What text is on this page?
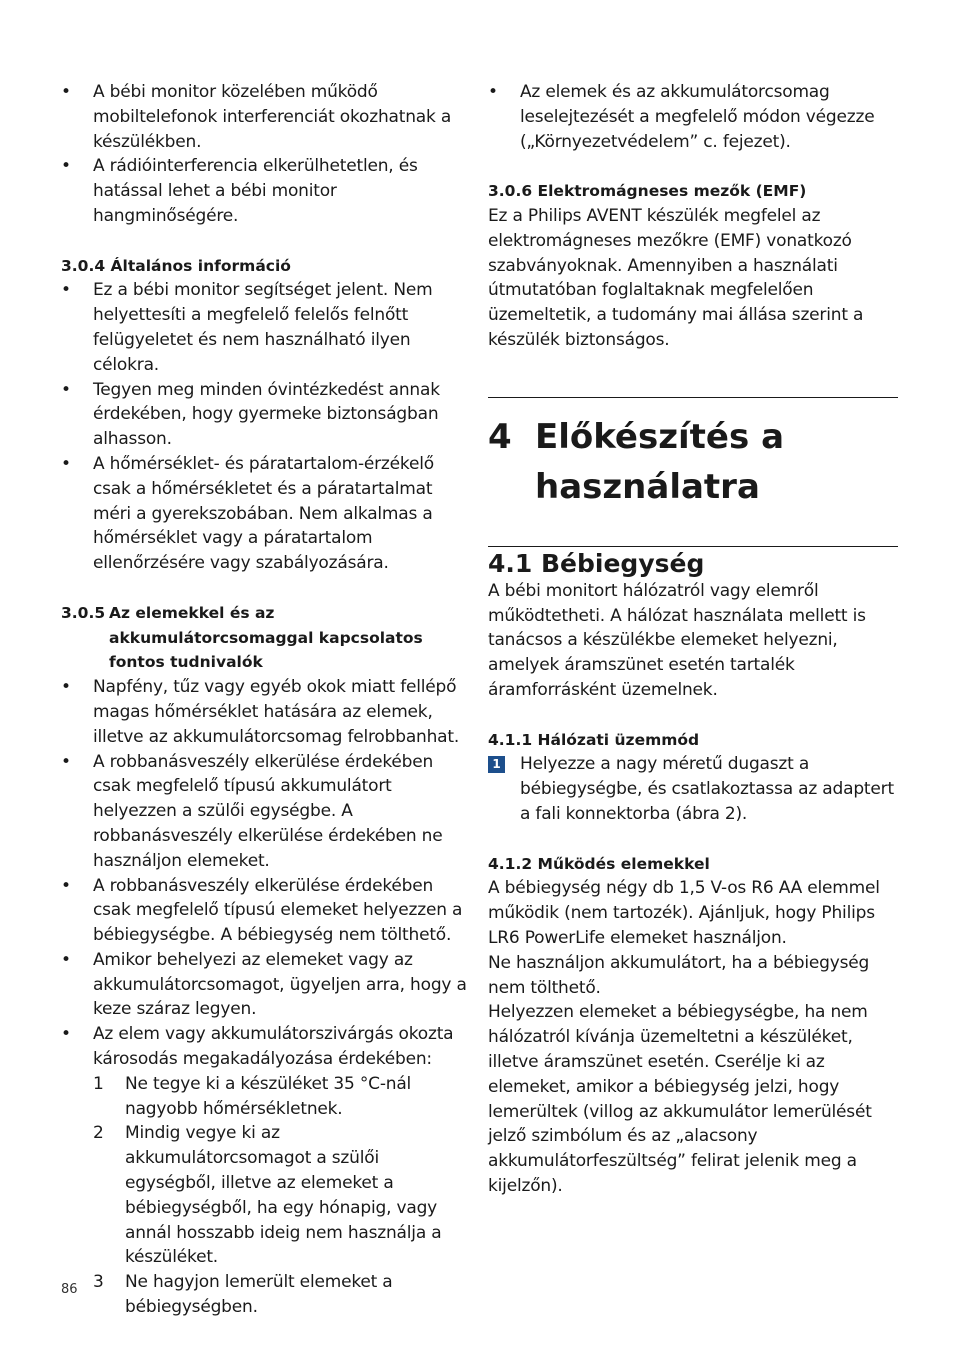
• A bébi monitor közelében működő mobiltelefonok interferenciát okozhatnak a készülékben.
• A rádióinterferencia elkerülhetetlen, és hatással lehet a bébi monitor hangminőségére.
3.0.4 Általános információ
• Ez a bébi monitor segítséget jelent. Nem helyettesíti a megfelelő felelős felnőtt felügyeletet és nem használható ilyen célokra.
• Tegyen meg minden óvintézkedést annak érdekében, hogy gyermeke biztonságban alhasson.
• A hőmérséklet- és páratartalom-érzékelő csak a hőmérsékletet és a páratartalmat méri a gyerekszobában. Nem alkalmas a hőmérséklet vagy a páratartalom ellenőrzésére vagy szabályozására.
3.0.5 Az elemekkel és az akkumulátorcsomaggal kapcsolatos fontos tudnivalók
• Napfény, tűz vagy egyéb okok miatt fellépő magas hőmérséklet hatására az elemek, illetve az akkumulátorcsomag felrobbanhat.
• A robbanásveszély elkerülése érdekében csak megfelelő típusú akkumulátort helyezzen a szülői egységbe. A robbanásveszély elkerülése érdekében ne használjon elemeket.
• A robbanásveszély elkerülése érdekében csak megfelelő típusú elemeket helyezzen a bébiegységbe. A bébiegység nem tölthető.
• Amikor behelyezi az elemeket vagy az akkumulátorcsomagot, ügyeljen arra, hogy a keze száraz legyen.
• Az elem vagy akkumulátorszivárgás okozta károsodás megakadályozása érdekében:
1 Ne tegye ki a készüléket 35 °C-nál nagyobb hőmérsékletnek.
2 Mindig vegye ki az akkumulátorcsomagot a szülői egységből, illetve az elemeket a bébiegységből, ha egy hónapig, vagy annál hosszabb ideig nem használja a készüléket.
3 Ne hagyjon lemerült elemeket a bébiegységben.
• Az elemek és az akkumulátorcsomag leselejtezését a megfelelő módon végezze („Környezetvédelem” c. fejezet).
3.0.6 Elektromágneses mezők (EMF)

Ez a Philips AVENT készülék megfelel az elektromágneses mezőkre (EMF) vonatkozó szabványoknak. Amennyiben a használati útmutatóban foglaltaknak megfelelően üzemeltetik, a tudomány mai állása szerint a készülék biztonságos.

4 Előkészítés a
használatra
4.1 Bébiegység

A bébi monitort hálózatról vagy elemről működtetheti. A hálózat használata mellett is tanácsos a készülékbe elemeket helyezni, amelyek áramszünet esetén tartalék áramforrásként üzemelnek.

4.1.1 Hálózati üzemmód
1 Helyezze a nagy méretű dugaszt a bébiegységbe, és csatlakoztassa az adaptert a fali konnektorba (ábra 2).
4.1.2 Működés elemekkel

A bébiegység négy db 1,5 V-os R6 AA elemmel működik (nem tartozék). Ajánljuk, hogy Philips LR6 PowerLife elemeket használjon.

Ne használjon akkumulátort, ha a bébiegység nem tölthető.

Helyezzen elemeket a bébiegységbe, ha nem hálózatról kívánja üzemeltetni a készüléket, illetve áramszünet esetén. Cserélje ki az elemeket, amikor a bébiegység jelzi, hogy lemerültek (villog az akkumulátor lemerülését jelző szimbólum és az „alacsony akkumulátorfeszültség” felirat jelenik meg a kijelzőn).

86
